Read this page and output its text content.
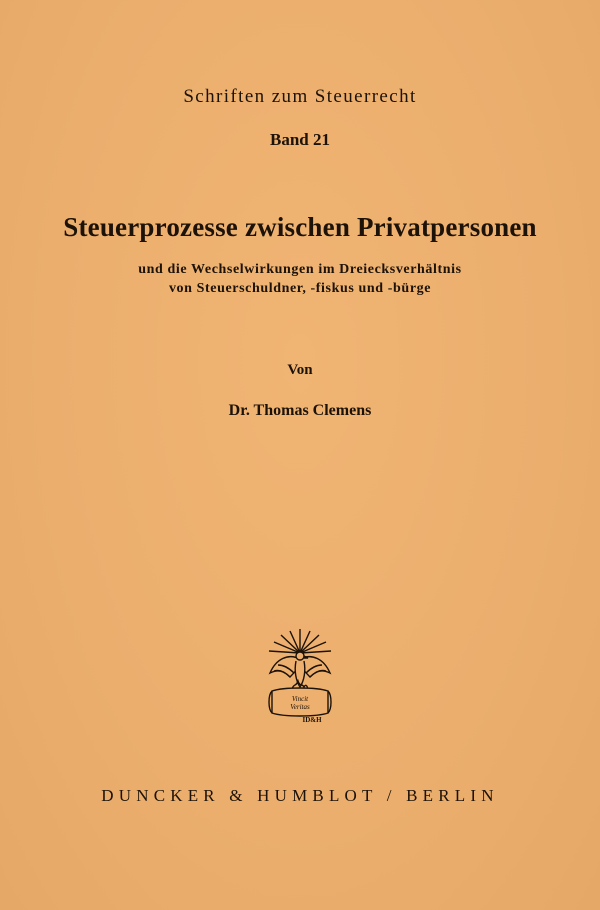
Schriften zum Steuerrecht
Band 21
Steuerprozesse zwischen Privatpersonen
und die Wechselwirkungen im Dreiecksverhältnis
von Steuerschuldner, -fiskus und -bürge
Von
Dr. Thomas Clemens
Vincit
Veritas
ID&H
DUNCKER & HUMBLOT / BERLIN
